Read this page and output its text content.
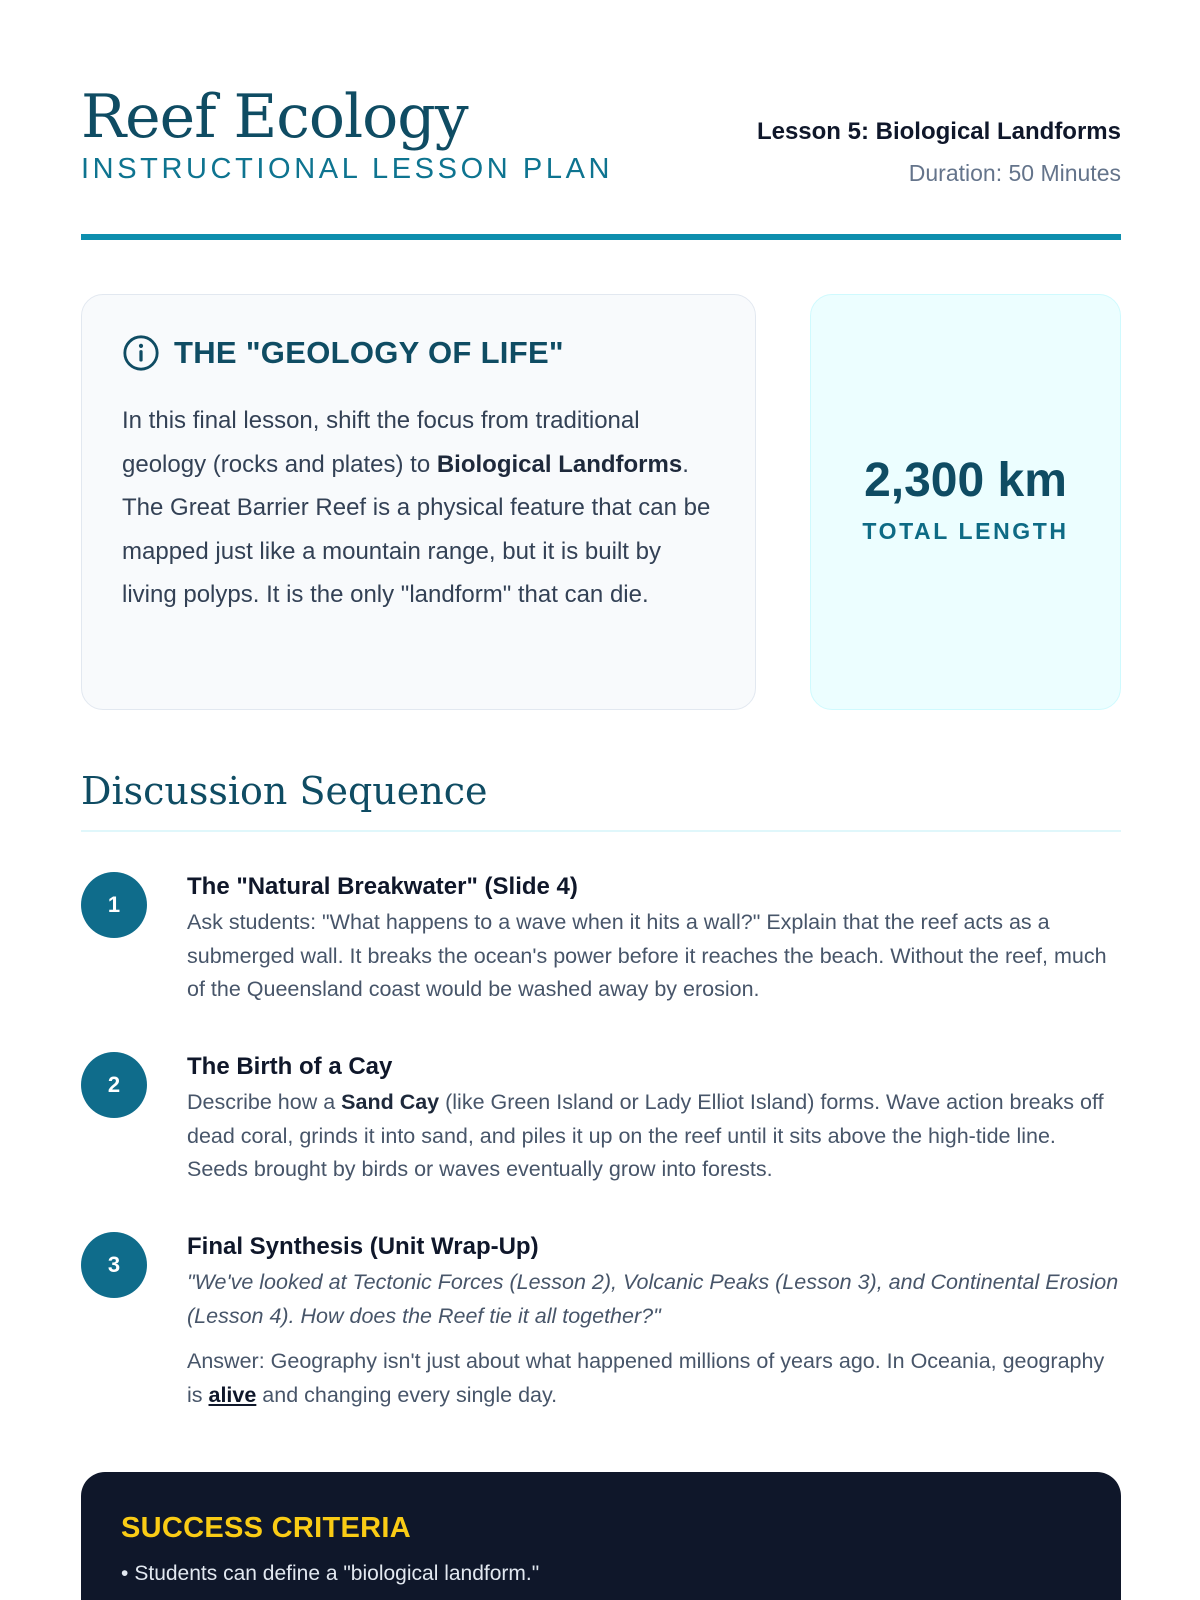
Reef Ecology
INSTRUCTIONAL LESSON PLAN
Lesson 5: Biological Landforms
Duration: 50 Minutes
THE "GEOLOGY OF LIFE"

In this final lesson, shift the focus from traditional geology (rocks and plates) to Biological Landforms. The Great Barrier Reef is a physical feature that can be mapped just like a mountain range, but it is built by living polyps. It is the only "landform" that can die.

2,300 km
TOTAL LENGTH
Discussion Sequence
1
The "Natural Breakwater" (Slide 4)

Ask students: "What happens to a wave when it hits a wall?" Explain that the reef acts as a submerged wall. It breaks the ocean's power before it reaches the beach. Without the reef, much of the Queensland coast would be washed away by erosion.

2
The Birth of a Cay

Describe how a Sand Cay (like Green Island or Lady Elliot Island) forms. Wave action breaks off dead coral, grinds it into sand, and piles it up on the reef until it sits above the high-tide line. Seeds brought by birds or waves eventually grow into forests.

3
Final Synthesis (Unit Wrap-Up)

"We've looked at Tectonic Forces (Lesson 2), Volcanic Peaks (Lesson 3), and Continental Erosion (Lesson 4). How does the Reef tie it all together?"

Answer: Geography isn't just about what happened millions of years ago. In Oceania, geography is alive and changing every single day.

SUCCESS CRITERIA
• Students can define a "biological landform."
